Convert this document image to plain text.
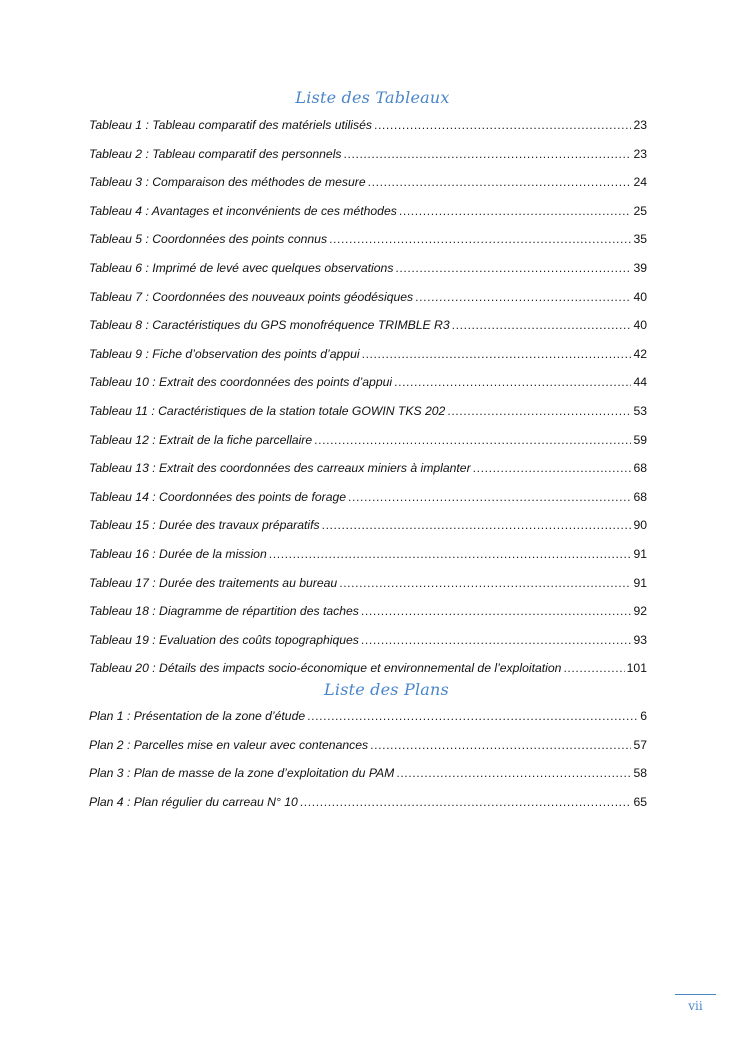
Liste des Tableaux
Tableau 1 : Tableau comparatif des matériels utilisés .....	23
Tableau 2 : Tableau comparatif des personnels .....	23
Tableau 3 : Comparaison des méthodes de mesure .....	24
Tableau 4 : Avantages et inconvénients de ces méthodes .....	25
Tableau 5 : Coordonnées des points connus .....	35
Tableau 6 : Imprimé de levé avec quelques observations .....	39
Tableau 7 : Coordonnées des nouveaux points géodésiques .....	40
Tableau 8 : Caractéristiques du GPS monofréquence TRIMBLE R3 .....	40
Tableau 9 : Fiche d’observation des points d’appui .....	42
Tableau 10 : Extrait des coordonnées des points d’appui .....	44
Tableau 11 : Caractéristiques de la station totale GOWIN TKS 202 .....	53
Tableau 12 : Extrait de la fiche parcellaire .....	59
Tableau 13 : Extrait des coordonnées des carreaux miniers à implanter .....	68
Tableau 14 : Coordonnées des points de forage .....	68
Tableau 15 : Durée des travaux préparatifs .....	90
Tableau 16 : Durée de la mission .....	91
Tableau 17 : Durée des traitements au bureau .....	91
Tableau 18 : Diagramme de répartition des taches .....	92
Tableau 19 : Evaluation des coûts topographiques .....	93
Tableau 20 : Détails des impacts socio-économique et environnemental de l’exploitation .....	101
Liste des Plans
Plan 1 : Présentation de la zone d’étude .....	6
Plan 2 : Parcelles mise en valeur avec contenances .....	57
Plan 3 : Plan de masse de la zone d’exploitation du PAM .....	58
Plan 4 : Plan régulier du carreau N° 10 .....	65
vii
